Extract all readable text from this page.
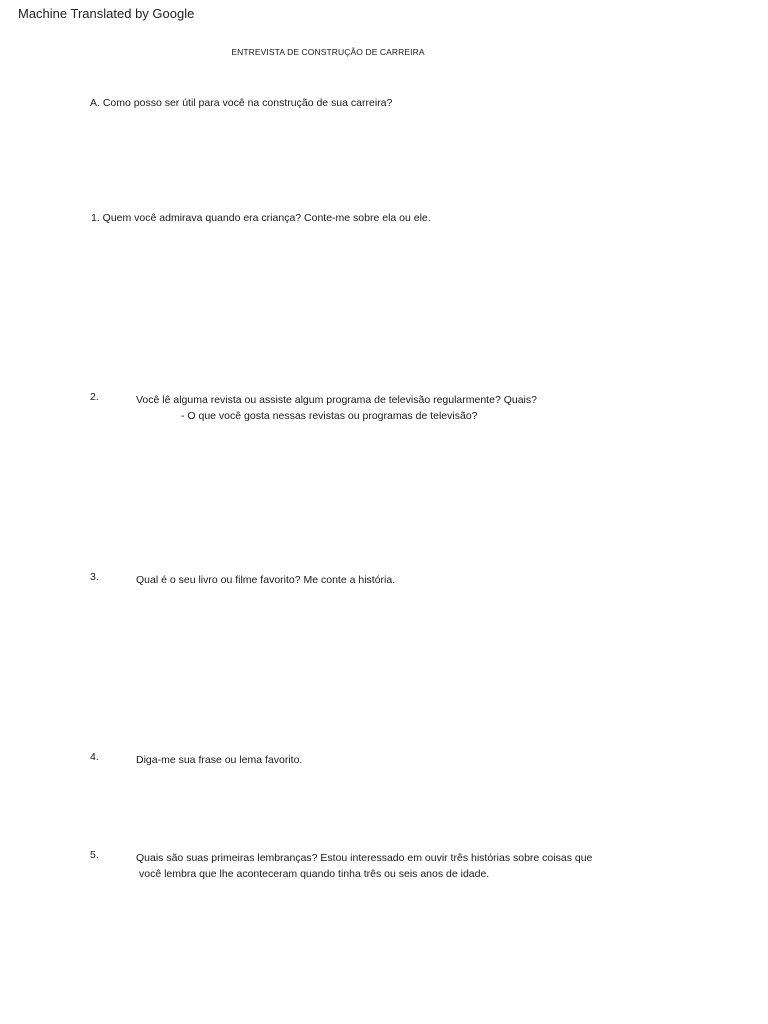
Machine Translated by Google
ENTREVISTA DE CONSTRUÇÃO DE CARREIRA
A. Como posso ser útil para você na construção de sua carreira?
1. Quem você admirava quando era criança? Conte-me sobre ela ou ele.
2.	Você lê alguma revista ou assiste algum programa de televisão regularmente? Quais?
- O que você gosta nessas revistas ou programas de televisão?
3.	Qual é o seu livro ou filme favorito? Me conte a história.
4.	Diga-me sua frase ou lema favorito.
5.	Quais são suas primeiras lembranças? Estou interessado em ouvir três histórias sobre coisas que
você lembra que lhe aconteceram quando tinha três ou seis anos de idade.
